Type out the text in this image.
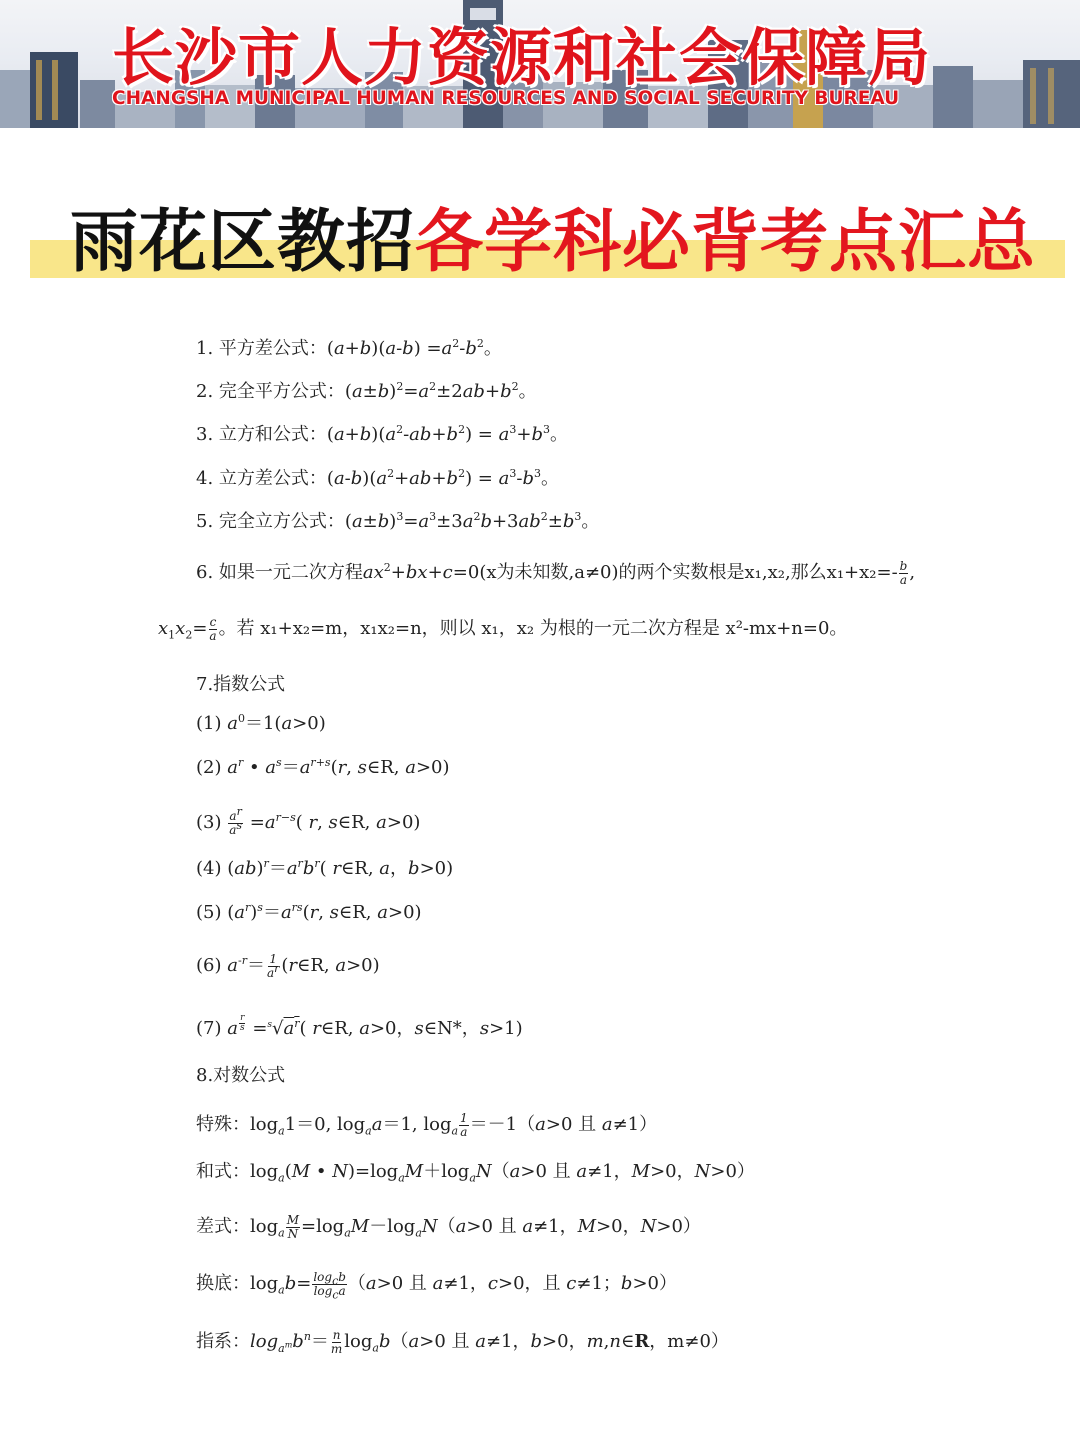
长沙市人力资源和社会保障局
CHANGSHA MUNICIPAL HUMAN RESOURCES AND SOCIAL SECURITY BUREAU
雨花区教招各学科必背考点汇总
1. 平方差公式：$(a+b)(a-b) =a^2-b^2$。
2. 完全平方公式：$(a\pm b)^2=a^2\pm 2ab+b^2$。
3. 立方和公式：$(a+b)(a^2-ab+b^2) = a^3+b^3$。
4. 立方差公式：$(a-b)(a^2+ab+b^2) = a^3-b^3$。
5. 完全立方公式：$(a\pm b)^3=a^3\pm 3a^2b+3ab^2\pm b^3$。
6. 如果一元二次方程$ax^2+bx+c=0(x$为未知数,a≠0)的两个实数根是x₁,x₂,那么$x_1+x_2=- \frac{b}{a}$ ,
$x_1x_2= \frac{c}{a}$ 。若 x₁+x₂=m，x₁x₂=n，则以 x₁，x₂ 为根的一元二次方程是 x²-mx+n=0。
7.指数公式
(1) $a^0=1(a>0)$
(2) $a^r$ • $a^s=a^{r+s}(r$, s∈R, a>0)
$(3) \frac{a^r}{a^s} =a^{r-s}$( r, s∈R, a>0)
(4) $(ab)^r=a^rb^r$( r∈R, a，b>0)
(5) $(a^r)^s=a^{rs}(r$, s∈R, a>0)
(6) $a^{-r}= \frac{1}{a^r}$ (r∈R, a>0)
(7) a $^{\frac{r}{s}} =^s√a^r$( r∈R, a>0，s∈N*，s>1)
8.对数公式
特殊：$\log_a1=0$, $\log_aa=1$, $\log_a \frac{1}{a} =-1(a>0$ 且 a≠1）
和式：$\log_a(M$ • $N)=\log_aM+\log_aN(a>0$ 且 a≠1，M>0，N>0）
差式：$\log_a \frac{M}{N} =\log_aM-\log_aN(a>0$ 且 a≠1，M>0，N>0）
换底：$\log_ab= \frac{\log_cb}{\log_ca} (a>0$ 且 a≠1，c>0，且 c≠1；b>0）
指系：$\log_{a^m}b^n= \frac{n}{m} \log_ab(a>0$ 且 a≠1，b>0，m,n∈R，m≠0）
